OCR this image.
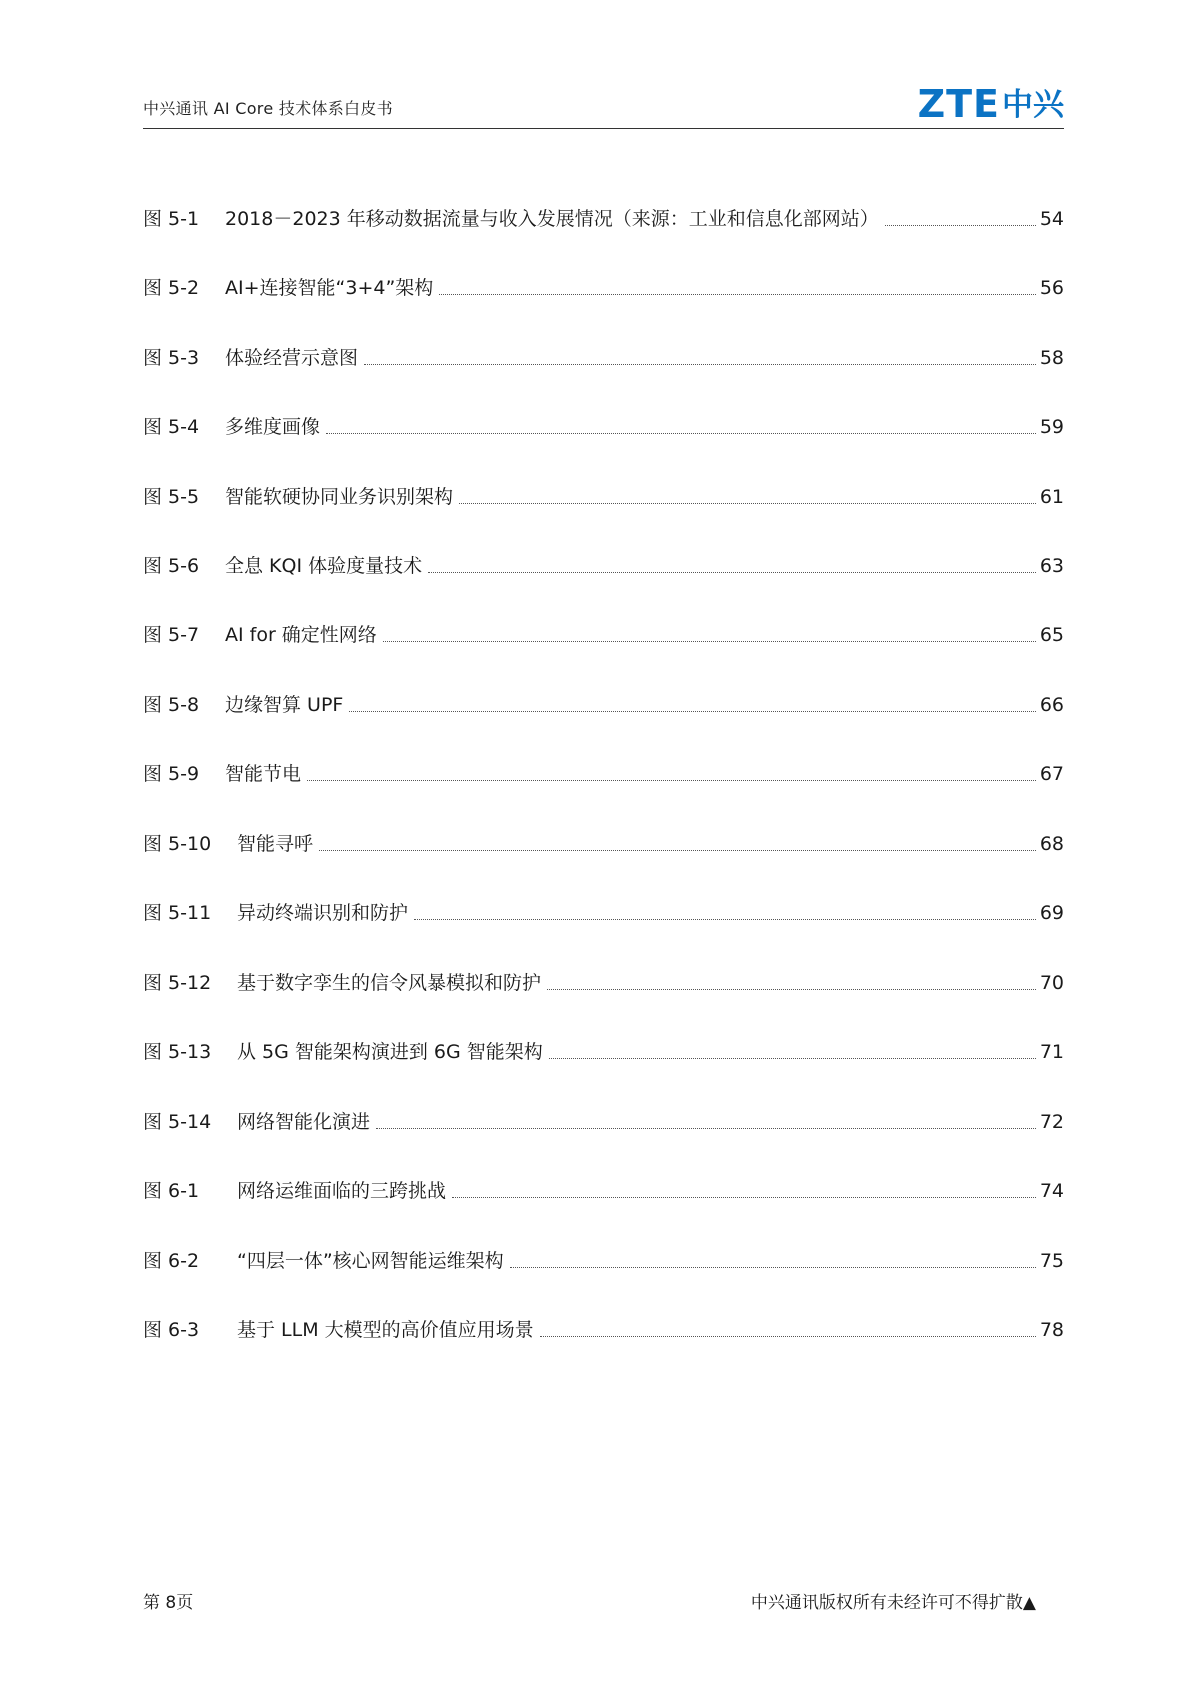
中兴通讯 AI Core 技术体系白皮书	ZTE 中兴
图 5-1 2018－2023 年移动数据流量与收入发展情况（来源：工业和信息化部网站）	54
图 5-2 AI+连接智能“3+4”架构	56
图 5-3 体验经营示意图	58
图 5-4 多维度画像	59
图 5-5 智能软硬协同业务识别架构	61
图 5-6 全息 KQI 体验度量技术	63
图 5-7 AI for 确定性网络	65
图 5-8 边缘智算 UPF	66
图 5-9 智能节电	67
图 5-10 智能寻呼	68
图 5-11 异动终端识别和防护	69
图 5-12 基于数字孪生的信令风暴模拟和防护	70
图 5-13 从 5G 智能架构演进到 6G 智能架构	71
图 5-14 网络智能化演进	72
图 6-1 网络运维面临的三跨挑战	74
图 6-2 “四层一体”核心网智能运维架构	75
图 6-3 基于 LLM 大模型的高价值应用场景	78
第 8页	中兴通讯版权所有未经许可不得扩散▲
